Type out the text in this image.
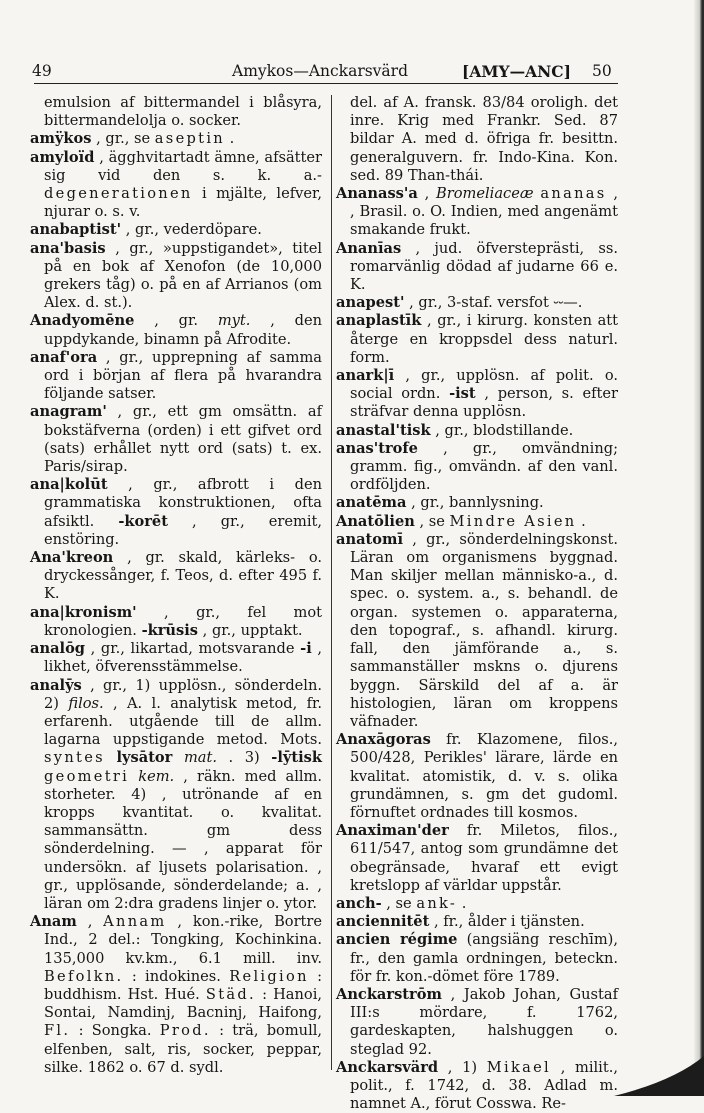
49	Amykos—Anckarsvärd	[AMY—ANC] 50

emulsion af bittermandel i blåsyra, bittermandelolja o. socker.

amÿkos , gr., se aseptin .

amyloïd , ägghvitartadt ämne, afsätter sig vid den s. k. a.- degenerationen i mjälte, lefver, njurar o. s. v.

anabaptist' , gr., vederdöpare.

ana'basis , gr., »uppstigandet», titel på en bok af Xenofon (de 10,000 grekers tåg) o. på en af Arrianos (om Alex. d. st.).

Anadyomēne , gr. myt. , den uppdykande, binamn på Afrodite.

anaf'ora , gr., upprepning af samma ord i början af flera på hvarandra följande satser.

anagram' , gr., ett gm omsättn. af bokstäfverna (orden) i ett gifvet ord (sats) erhållet nytt ord (sats) t. ex. Paris/sirap.

ana|kolūt , gr., afbrott i den grammatiska konstruktionen, ofta afsiktl. -korēt , gr., eremit, enstöring.

Ana'kreon , gr. skald, kärleks- o. dryckessånger, f. Teos, d. efter 495 f. K.

ana|kronism' , gr., fel mot kronologien. -krūsis , gr., upptakt.

analōg , gr., likartad, motsvarande -i , likhet, öfverensstämmelse.

analȳs , gr., 1) upplösn., sönderdeln. 2) filos. , A. l. analytisk metod, fr. erfarenh. utgående till de allm. lagarna uppstigande metod. Mots. syntes lysātor mat. . 3) -lȳtisk geometri kem. , räkn. med allm. storheter. 4) , utrönande af en kropps kvantitat. o. kvalitat. sammansättn. gm dess sönderdelning. — , apparat för undersökn. af ljusets polarisation. , gr., upplösande, sönderdelande; a. , läran om 2:dra gradens linjer o. ytor.

Anam , Annam , kon.-rike, Bortre Ind., 2 del.: Tongking, Kochinkina. 135,000 kv.km., 6.1 mill. inv. Befolkn. : indokines. Religion : buddhism. Hst. Hué. Städ. : Hanoi, Sontai, Namdinj, Bacninj, Haifong, Fl. : Songka. Prod. : trä, bomull, elfenben, salt, ris, socker, peppar, silke. 1862 o. 67 d. sydl.

del. af A. fransk. 83/84 oroligh. det inre. Krig med Frankr. Sed. 87 bildar A. med d. öfriga fr. besittn. generalguvern. fr. Indo-Kina. Kon. sed. 89 Than-thái.

Ananass'a , Bromeliaceæ ananas , , Brasil. o. O. Indien, med angenämt smakande frukt.

Ananīas , jud. öfversteprästi, ss. romarvänlig dödad af judarne 66 e. K.

anapest' , gr., 3-staf. versfot ⏑⏑—.

anaplastīk , gr., i kirurg. konsten att återge en kroppsdel dess naturl. form.

anark|ī , gr., upplösn. af polit. o. social ordn. -ist , person, s. efter sträfvar denna upplösn.

anastal'tisk , gr., blodstillande.

anas'trofe , gr., omvändning; gramm. fig., omvändn. af den vanl. ordföljden.

anatēma , gr., bannlysning.

Anatōlien , se Mindre Asien .

anatomī , gr., sönderdelningskonst. Läran om organismens byggnad. Man skiljer mellan människo-a., d. spec. o. system. a., s. behandl. de organ. systemen o. apparaterna, den topograf., s. afhandl. kirurg. fall, den jämförande a., s. sammanställer mskns o. djurens byggn. Särskild del af a. är histologien, läran om kroppens väfnader.

Anaxāgoras fr. Klazomene, filos., 500/428, Perikles' lärare, lärde en kvalitat. atomistik, d. v. s. olika grundämnen, s. gm det gudoml. förnuftet ordnades till kosmos.

Anaximan'der fr. Miletos, filos., 611/547, antog som grundämne det obegränsade, hvaraf ett evigt kretslopp af världar uppstår.

anch- , se ank- .

anciennitēt , fr., ålder i tjänsten.

ancien régime (angsiäng reschīm), fr., den gamla ordningen, beteckn. för fr. kon.-dömet före 1789.

Anckarstrōm , Jakob Johan, Gustaf III:s mördare, f. 1762, gardeskapten, halshuggen o. steglad 92.

Anckarsvärd , 1) Mikael , milit., polit., f. 1742, d. 38. Adlad m. namnet A., förut Cosswa. Re-
